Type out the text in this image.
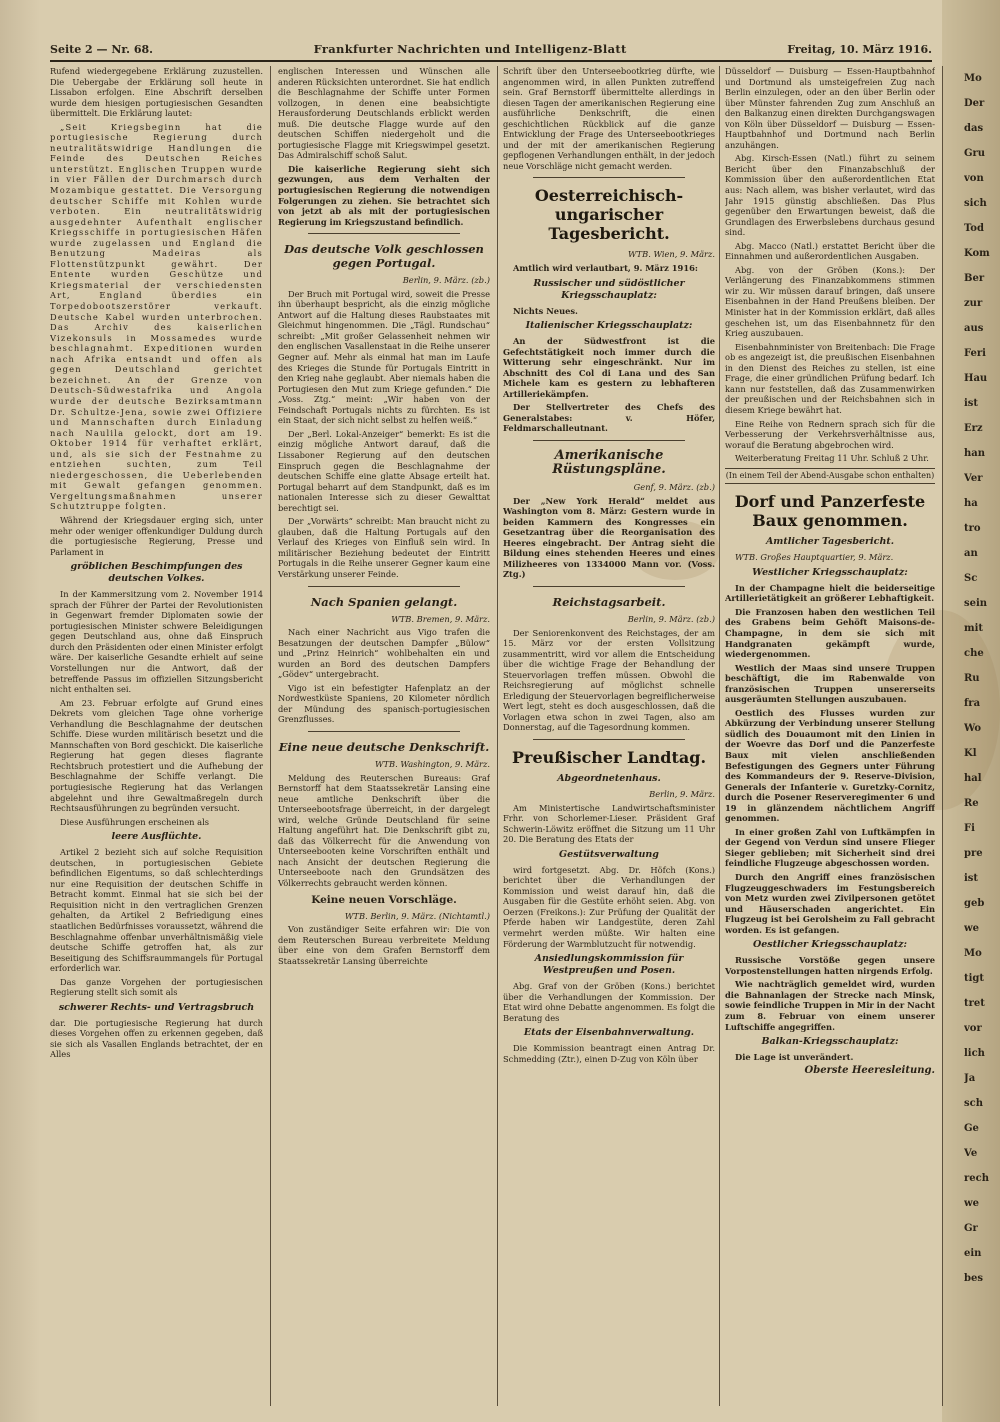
Seite 2 — Nr. 68.	Frankfurter Nachrichten und Intelligenz-Blatt	Freitag, 10. März 1916.

Rufend wiedergegebene Erklärung zuzustellen. Die Uebergabe der Erklärung soll heute in Lissabon erfolgen. Eine Abschrift derselben wurde dem hiesigen portugiesischen Gesandten übermittelt. Die Erklärung lautet:

„Seit Kriegsbeginn hat die portugiesische Regierung durch neutralitätswidrige Handlungen die Feinde des Deutschen Reiches unterstützt. Englischen Truppen wurde in vier Fällen der Durchmarsch durch Mozambique gestattet. Die Versorgung deutscher Schiffe mit Kohlen wurde verboten. Ein neutralitätswidrig ausgedehnter Aufenthalt englischer Kriegsschiffe in portugiesischen Häfen wurde zugelassen und England die Benutzung Madeiras als Flottenstützpunkt gewährt. Der Entente wurden Geschütze und Kriegsmaterial der verschiedensten Art, England überdies ein Torpedobootszerstörer verkauft. Deutsche Kabel wurden unterbrochen. Das Archiv des kaiserlichen Vizekonsuls in Mossamedes wurde beschlagnahmt. Expeditionen wurden nach Afrika entsandt und offen als gegen Deutschland gerichtet bezeichnet. An der Grenze von Deutsch-Südwestafrika und Angola wurde der deutsche Bezirksamtmann Dr. Schultze-Jena, sowie zwei Offiziere und Mannschaften durch Einladung nach Naulila gelockt, dort am 19. Oktober 1914 für verhaftet erklärt, und, als sie sich der Festnahme zu entziehen suchten, zum Teil niedergeschossen, die Ueberlebenden mit Gewalt gefangen genommen. Vergeltungsmaßnahmen unserer Schutztruppe folgten.

Während der Kriegsdauer erging sich, unter mehr oder weniger offenkundiger Duldung durch die portugiesische Regierung, Presse und Parlament in

gröblichen Beschimpfungen des deutschen Volkes.

In der Kammersitzung vom 2. November 1914 sprach der Führer der Partei der Revolutionisten in Gegenwart fremder Diplomaten sowie der portugiesischen Minister schwere Beleidigungen gegen Deutschland aus, ohne daß Einspruch durch den Präsidenten oder einen Minister erfolgt wäre. Der kaiserliche Gesandte erhielt auf seine Vorstellungen nur die Antwort, daß der betreffende Passus im offiziellen Sitzungsbericht nicht enthalten sei.

Am 23. Februar erfolgte auf Grund eines Dekrets vom gleichen Tage ohne vorherige Verhandlung die Beschlagnahme der deutschen Schiffe. Diese wurden militärisch besetzt und die Mannschaften von Bord geschickt. Die kaiserliche Regierung hat gegen dieses flagrante Rechtsbruch protestiert und die Aufhebung der Beschlagnahme der Schiffe verlangt. Die portugiesische Regierung hat das Verlangen abgelehnt und ihre Gewaltmaßregeln durch Rechtsausführungen zu begründen versucht.

Diese Ausführungen erscheinen als

leere Ausflüchte.

Artikel 2 bezieht sich auf solche Requisition deutschen, in portugiesischen Gebiete befindlichen Eigentums, so daß schlechterdings nur eine Requisition der deutschen Schiffe in Betracht kommt. Einmal hat sie sich bei der Requisition nicht in den vertraglichen Grenzen gehalten, da Artikel 2 Befriedigung eines staatlichen Bedürfnisses voraussetzt, während die Beschlagnahme offenbar unverhältnismäßig viele deutsche Schiffe getroffen hat, als zur Beseitigung des Schiffsraummangels für Portugal erforderlich war.

Das ganze Vorgehen der portugiesischen Regierung stellt sich somit als

schwerer Rechts- und Vertragsbruch

dar. Die portugiesische Regierung hat durch dieses Vorgehen offen zu erkennen gegeben, daß sie sich als Vasallen Englands betrachtet, der en Alles

englischen Interessen und Wünschen alle anderen Rücksichten unterordnet. Sie hat endlich die Beschlagnahme der Schiffe unter Formen vollzogen, in denen eine beabsichtigte Herausforderung Deutschlands erblickt werden muß. Die deutsche Flagge wurde auf den deutschen Schiffen niedergeholt und die portugiesische Flagge mit Kriegswimpel gesetzt. Das Admiralschiff schoß Salut.

Die kaiserliche Regierung sieht sich gezwungen, aus dem Verhalten der portugiesischen Regierung die notwendigen Folgerungen zu ziehen. Sie betrachtet sich von jetzt ab als mit der portugiesischen Regierung im Kriegszustand befindlich.

Das deutsche Volk geschlossen gegen Portugal.

Berlin, 9. März. (zb.)

Der Bruch mit Portugal wird, soweit die Presse ihn überhaupt bespricht, als die einzig mögliche Antwort auf die Haltung dieses Raubstaates mit Gleichmut hingenommen. Die „Tägl. Rundschau“ schreibt: „Mit großer Gelassenheit nehmen wir den englischen Vasallenstaat in die Reihe unserer Gegner auf. Mehr als einmal hat man im Laufe des Krieges die Stunde für Portugals Eintritt in den Krieg nahe geglaubt. Aber niemals haben die Portugiesen den Mut zum Kriege gefunden.“ Die „Voss. Ztg.“ meint: „Wir haben von der Feindschaft Portugals nichts zu fürchten. Es ist ein Staat, der sich nicht selbst zu helfen weiß.“

Der „Berl. Lokal-Anzeiger“ bemerkt: Es ist die einzig mögliche Antwort darauf, daß die Lissaboner Regierung auf den deutschen Einspruch gegen die Beschlagnahme der deutschen Schiffe eine glatte Absage erteilt hat. Portugal beharrt auf dem Standpunkt, daß es im nationalen Interesse sich zu dieser Gewalttat berechtigt sei.

Der „Vorwärts“ schreibt: Man braucht nicht zu glauben, daß die Haltung Portugals auf den Verlauf des Krieges von Einfluß sein wird. In militärischer Beziehung bedeutet der Eintritt Portugals in die Reihe unserer Gegner kaum eine Verstärkung unserer Feinde.

Nach Spanien gelangt.

WTB. Bremen, 9. März.

Nach einer Nachricht aus Vigo trafen die Besatzungen der deutschen Dampfer „Bülow“ und „Prinz Heinrich“ wohlbehalten ein und wurden an Bord des deutschen Dampfers „Gödev“ untergebracht.

Vigo ist ein befestigter Hafenplatz an der Nordwestküste Spaniens, 20 Kilometer nördlich der Mündung des spanisch-portugiesischen Grenzflusses.

Eine neue deutsche Denkschrift.

WTB. Washington, 9. März.

Meldung des Reuterschen Bureaus: Graf Bernstorff hat dem Staatssekretär Lansing eine neue amtliche Denkschrift über die Unterseebootsfrage überreicht, in der dargelegt wird, welche Gründe Deutschland für seine Haltung angeführt hat. Die Denkschrift gibt zu, daß das Völkerrecht für die Anwendung von Unterseebooten keine Vorschriften enthält und nach Ansicht der deutschen Regierung die Unterseeboote nach den Grundsätzen des Völkerrechts gebraucht werden können.

Keine neuen Vorschläge.

WTB. Berlin, 9. März. (Nichtamtl.)

Von zuständiger Seite erfahren wir: Die von dem Reuterschen Bureau verbreitete Meldung über eine von dem Grafen Bernstorff dem Staatssekretär Lansing überreichte

Schrift über den Unterseebootkrieg dürfte, wie angenommen wird, in allen Punkten zutreffend sein. Graf Bernstorff übermittelte allerdings in diesen Tagen der amerikanischen Regierung eine ausführliche Denkschrift, die einen geschichtlichen Rückblick auf die ganze Entwicklung der Frage des Unterseebootkrieges und der mit der amerikanischen Regierung gepflogenen Verhandlungen enthält, in der jedoch neue Vorschläge nicht gemacht werden.

Oesterreichisch-ungarischer Tagesbericht.

WTB. Wien, 9. März.

Amtlich wird verlautbart, 9. März 1916:

Russischer und südöstlicher Kriegsschauplatz:

Nichts Neues.

Italienischer Kriegsschauplatz:

An der Südwestfront ist die Gefechtstätigkeit noch immer durch die Witterung sehr eingeschränkt. Nur im Abschnitt des Col di Lana und des San Michele kam es gestern zu lebhafteren Artilleriekämpfen.

Der Stellvertreter des Chefs des Generalstabes: v. Höfer, Feldmarschalleutnant.

Amerikanische Rüstungspläne.

Genf, 9. März. (zb.)

Der „New York Herald“ meldet aus Washington vom 8. März: Gestern wurde in beiden Kammern des Kongresses ein Gesetzantrag über die Reorganisation des Heeres eingebracht. Der Antrag sieht die Bildung eines stehenden Heeres und eines Milizheeres von 1334000 Mann vor. (Voss. Ztg.)

Reichstagsarbeit.

Berlin, 9. März. (zb.)

Der Seniorenkonvent des Reichstages, der am 15. März vor der ersten Vollsitzung zusammentritt, wird vor allem die Entscheidung über die wichtige Frage der Behandlung der Steuervorlagen treffen müssen. Obwohl die Reichsregierung auf möglichst schnelle Erledigung der Steuervorlagen begreiflicherweise Wert legt, steht es doch ausgeschlossen, daß die Vorlagen etwa schon in zwei Tagen, also am Donnerstag, auf die Tagesordnung kommen.

Preußischer Landtag.
Abgeordnetenhaus.

Berlin, 9. März.

Am Ministertische Landwirtschaftsminister Frhr. von Schorlemer-Lieser. Präsident Graf Schwerin-Löwitz eröffnet die Sitzung um 11 Uhr 20. Die Beratung des Etats der

Gestütsverwaltung

wird fortgesetzt. Abg. Dr. Höfch (Kons.) berichtet über die Verhandlungen der Kommission und weist darauf hin, daß die Ausgaben für die Gestüte erhöht seien. Abg. von Oerzen (Freikons.): Zur Prüfung der Qualität der Pferde haben wir Landgestüte, deren Zahl vermehrt werden müßte. Wir halten eine Förderung der Warmblutzucht für notwendig.

Ansiedlungskommission für Westpreußen und Posen.

Abg. Graf von der Gröben (Kons.) berichtet über die Verhandlungen der Kommission. Der Etat wird ohne Debatte angenommen. Es folgt die Beratung des

Etats der Eisenbahnverwaltung.

Die Kommission beantragt einen Antrag Dr. Schmedding (Ztr.), einen D-Zug von Köln über

Düsseldorf — Duisburg — Essen-Hauptbahnhof und Dortmund als umsteigefreien Zug nach Berlin einzulegen, oder an den über Berlin oder über Münster fahrenden Zug zum Anschluß an den Balkanzug einen direkten Durchgangswagen von Köln über Düsseldorf — Duisburg — Essen-Hauptbahnhof und Dortmund nach Berlin anzuhängen.

Abg. Kirsch-Essen (Natl.) führt zu seinem Bericht über den Finanzabschluß der Kommission über den außerordentlichen Etat aus: Nach allem, was bisher verlautet, wird das Jahr 1915 günstig abschließen. Das Plus gegenüber den Erwartungen beweist, daß die Grundlagen des Erwerbslebens durchaus gesund sind.

Abg. Macco (Natl.) erstattet Bericht über die Einnahmen und außerordentlichen Ausgaben.

Abg. von der Gröben (Kons.): Der Verlängerung des Finanzabkommens stimmen wir zu. Wir müssen darauf bringen, daß unsere Eisenbahnen in der Hand Preußens bleiben. Der Minister hat in der Kommission erklärt, daß alles geschehen ist, um das Eisenbahnnetz für den Krieg auszubauen.

Eisenbahnminister von Breitenbach: Die Frage ob es angezeigt ist, die preußischen Eisenbahnen in den Dienst des Reiches zu stellen, ist eine Frage, die einer gründlichen Prüfung bedarf. Ich kann nur feststellen, daß das Zusammenwirken der preußischen und der Reichsbahnen sich in diesem Kriege bewährt hat.

Eine Reihe von Rednern sprach sich für die Verbesserung der Verkehrsverhältnisse aus, worauf die Beratung abgebrochen wird.

Weiterberatung Freitag 11 Uhr. Schluß 2 Uhr.

(In einem Teil der Abend-Ausgabe schon enthalten)
Dorf und Panzerfeste Baux genommen.
Amtlicher Tagesbericht.

WTB. Großes Hauptquartier, 9. März.

Westlicher Kriegsschauplatz:

In der Champagne hielt die beiderseitige Artillerietätigkeit an größerer Lebhaftigkeit.

Die Franzosen haben den westlichen Teil des Grabens beim Gehöft Maisons-de-Champagne, in dem sie sich mit Handgranaten gekämpft wurde, wiedergenommen.

Westlich der Maas sind unsere Truppen beschäftigt, die im Rabenwalde von französischen Truppen unsererseits ausgeräumten Stellungen auszubauen.

Oestlich des Flusses wurden zur Abkürzung der Verbindung unserer Stellung südlich des Douaumont mit den Linien in der Woevre das Dorf und die Panzerfeste Baux mit vielen anschließenden Befestigungen des Gegners unter Führung des Kommandeurs der 9. Reserve-Division, Generals der Infanterie v. Guretzky-Cornitz, durch die Posener Reserveregimenter 6 und 19 in glänzendem nächtlichem Angriff genommen.

In einer großen Zahl von Luftkämpfen in der Gegend von Verdun sind unsere Flieger Sieger geblieben; mit Sicherheit sind drei feindliche Flugzeuge abgeschossen worden.

Durch den Angriff eines französischen Flugzeuggeschwaders im Festungsbereich von Metz wurden zwei Zivilpersonen getötet und Häuserschaden angerichtet. Ein Flugzeug ist bei Gerolsheim zu Fall gebracht worden. Es ist gefangen.

Oestlicher Kriegsschauplatz:

Russische Vorstöße gegen unsere Vorpostenstellungen hatten nirgends Erfolg.

Wie nachträglich gemeldet wird, wurden die Bahnanlagen der Strecke nach Minsk, sowie feindliche Truppen in Mir in der Nacht zum 8. Februar von einem unserer Luftschiffe angegriffen.

Balkan-Kriegsschauplatz:

Die Lage ist unverändert.

Oberste Heeresleitung.

Mo
Der
das
Gru
von
sich
Tod
Kom
Ber
zur
aus
Feri
Hau
ist
Erz
han
Ver
ha
tro
an
Sc
sein
mit
che
Ru
fra
Wo
Kl
hal
Re
Fi
pre
ist
geb
we
Mo
tigt
tret
vor
lich
Ja
sch
Ge
Ve
rech
we
Gr
ein
bes
